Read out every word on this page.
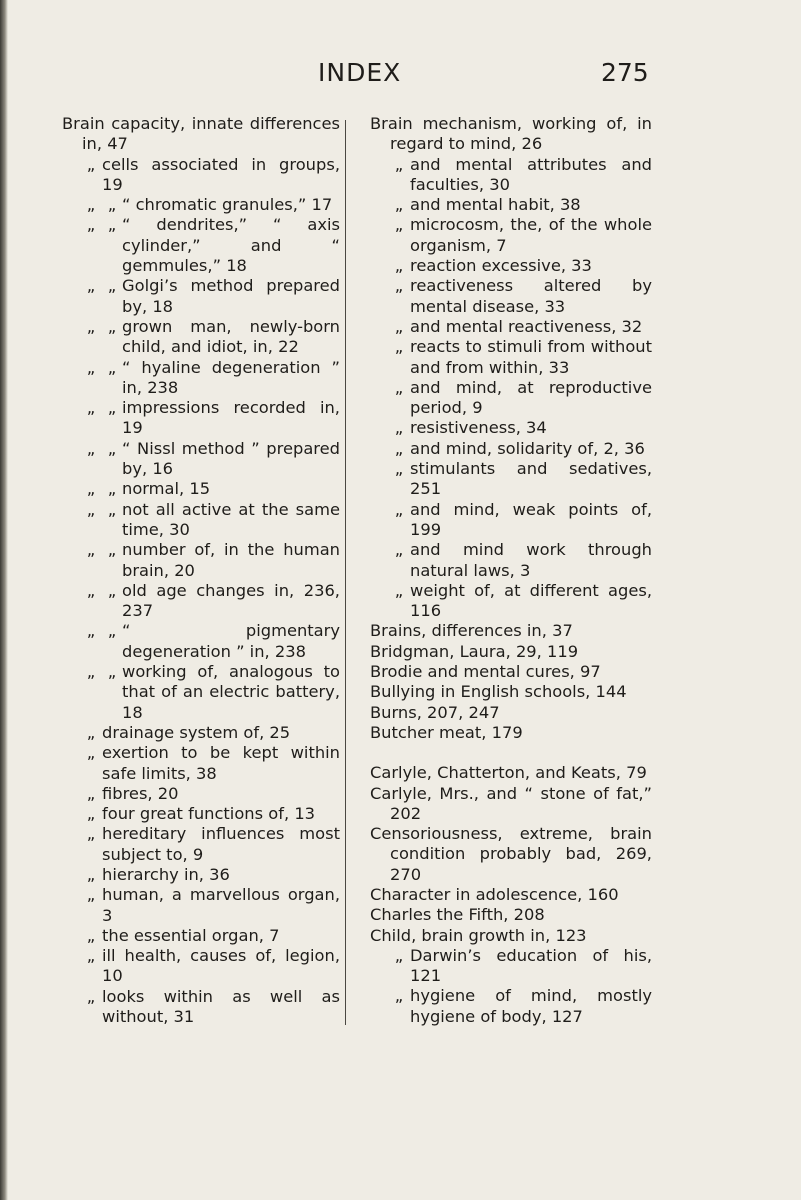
INDEX	275
Brain capacity, innate differences in, 47
„ cells associated in groups, 19
„ „ “ chromatic granules,” 17
„ „ “ dendrites,” “ axis cylinder,” and “ gemmules,” 18
„ „ Golgi’s method prepared by, 18
„ „ grown man, newly-born child, and idiot, in, 22
„ „ “ hyaline degeneration ” in, 238
„ „ impressions recorded in, 19
„ „ “ Nissl method ” prepared by, 16
„ „ normal, 15
„ „ not all active at the same time, 30
„ „ number of, in the human brain, 20
„ „ old age changes in, 236, 237
„ „ “ pigmentary degeneration ” in, 238
„ „ working of, analogous to that of an electric battery, 18
„ drainage system of, 25
„ exertion to be kept within safe limits, 38
„ fibres, 20
„ four great functions of, 13
„ hereditary influences most subject to, 9
„ hierarchy in, 36
„ human, a marvellous organ, 3
„ the essential organ, 7
„ ill health, causes of, legion, 10
„ looks within as well as without, 31
Brain mechanism, working of, in regard to mind, 26
„ and mental attributes and faculties, 30
„ and mental habit, 38
„ microcosm, the, of the whole organism, 7
„ reaction excessive, 33
„ reactiveness altered by mental disease, 33
„ and mental reactiveness, 32
„ reacts to stimuli from without and from within, 33
„ and mind, at reproductive period, 9
„ resistiveness, 34
„ and mind, solidarity of, 2, 36
„ stimulants and sedatives, 251
„ and mind, weak points of, 199
„ and mind work through natural laws, 3
„ weight of, at different ages, 116
Brains, differences in, 37
Bridgman, Laura, 29, 119
Brodie and mental cures, 97
Bullying in English schools, 144
Burns, 207, 247
Butcher meat, 179
Carlyle, Chatterton, and Keats, 79
Carlyle, Mrs., and “ stone of fat,” 202
Censoriousness, extreme, brain condition probably bad, 269, 270
Character in adolescence, 160
Charles the Fifth, 208
Child, brain growth in, 123
„ Darwin’s education of his, 121
„ hygiene of mind, mostly hygiene of body, 127
